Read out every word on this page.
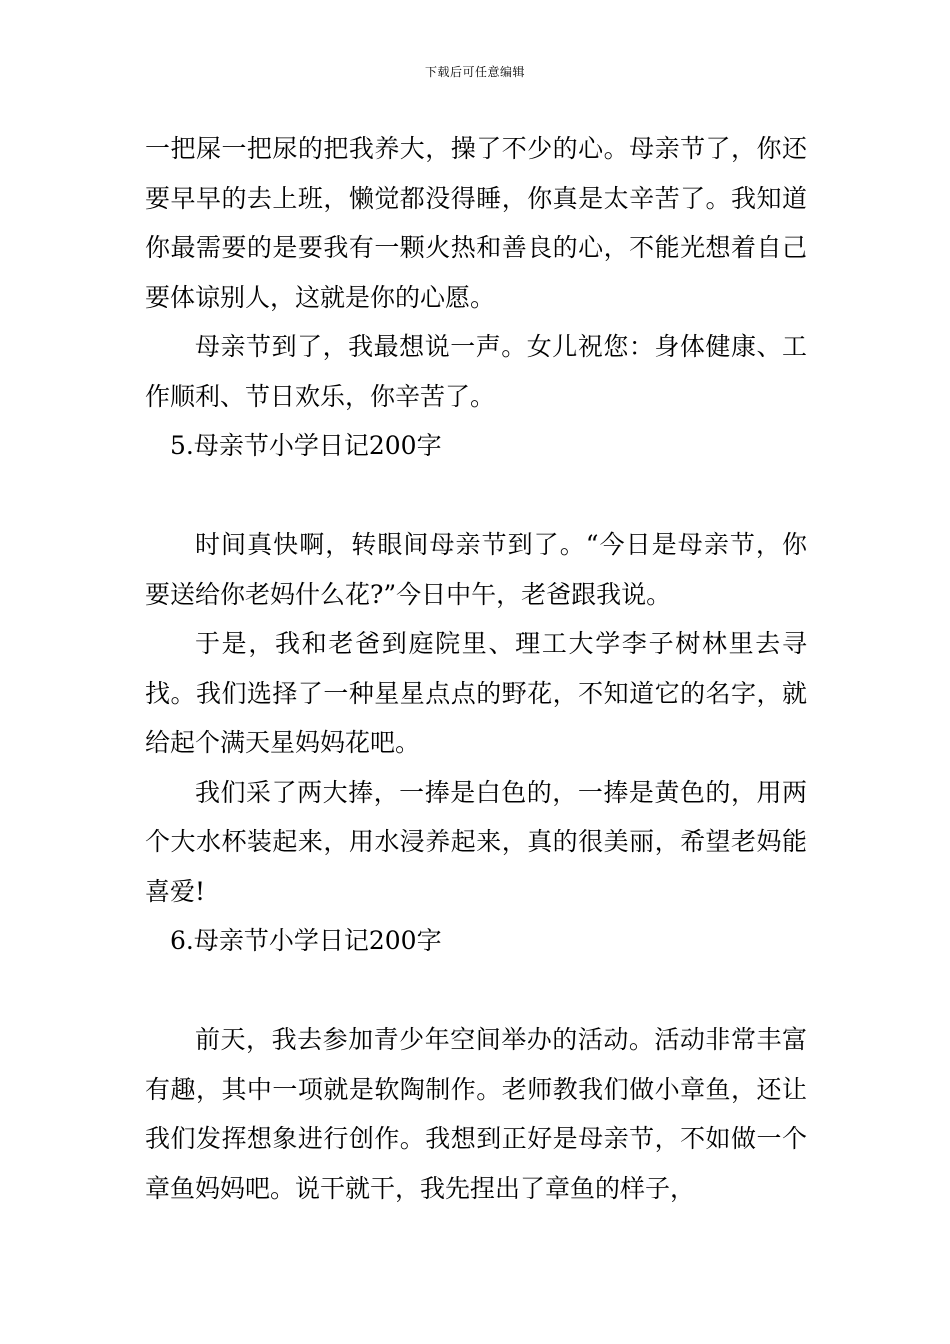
下载后可任意编辑

一把屎一把尿的把我养大，操了不少的心。母亲节了，你还要早早的去上班，懒觉都没得睡，你真是太辛苦了。我知道你最需要的是要我有一颗火热和善良的心，不能光想着自己要体谅别人，这就是你的心愿。

母亲节到了，我最想说一声。女儿祝您：身体健康、工作顺利、节日欢乐，你辛苦了。

5.母亲节小学日记200字

时间真快啊，转眼间母亲节到了。“今日是母亲节，你要送给你老妈什么花?”今日中午，老爸跟我说。

于是，我和老爸到庭院里、理工大学李子树林里去寻找。我们选择了一种星星点点的野花，不知道它的名字，就给起个满天星妈妈花吧。

我们采了两大捧，一捧是白色的，一捧是黄色的，用两个大水杯装起来，用水浸养起来，真的很美丽，希望老妈能喜爱!

6.母亲节小学日记200字

前天，我去参加青少年空间举办的活动。活动非常丰富有趣，其中一项就是软陶制作。老师教我们做小章鱼，还让我们发挥想象进行创作。我想到正好是母亲节，不如做一个章鱼妈妈吧。说干就干，我先捏出了章鱼的样子，
